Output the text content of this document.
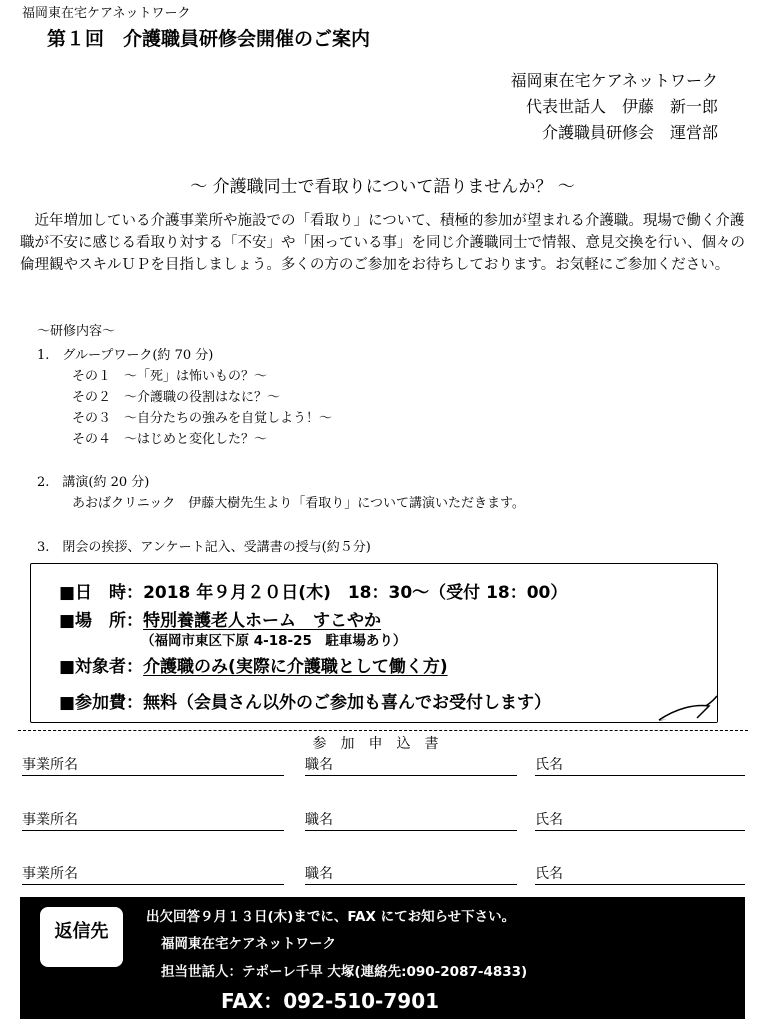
福岡東在宅ケアネットワーク
第１回　介護職員研修会開催のご案内
福岡東在宅ケアネットワーク
代表世話人　伊藤　新一郎
介護職員研修会　運営部
～ 介護職同士で看取りについて語りませんか？ ～

近年増加している介護事業所や施設での「看取り」について、積極的参加が望まれる介護職。現場で働く介護職が不安に感じる看取り対する「不安」や「困っている事」を同じ介護職同士で情報、意見交換を行い、個々の倫理観やスキルＵＰを目指しましょう。多くの方のご参加をお待ちしております。お気軽にご参加ください。

～研修内容～
1.　グループワーク(約 70 分)
その１　～「死」は怖いもの？～
その２　～介護職の役割はなに？～
その３　～自分たちの強みを自覚しよう！～
その４　～はじめと変化した？～
2.　講演(約 20 分)
あおばクリニック　伊藤大樹先生より「看取り」について講演いただきます。
3.　閉会の挨拶、アンケート記入、受講書の授与(約５分)
■日　時：2018 年９月２０日(木)　18：30～（受付 18：00）
■場　所：特別養護老人ホーム　すこやか
（福岡市東区下原 4-18-25　駐車場あり）
■対象者：介護職のみ(実際に介護職として働く方)
■参加費：無料（会員さん以外のご参加も喜んでお受付します）
参加申込書
事業所名	職名	氏名
事業所名	職名	氏名
事業所名	職名	氏名
返信先
出欠回答９月１３日(木)までに、FAX にてお知らせ下さい。
福岡東在宅ケアネットワーク
担当世話人：テポーレ千早 大塚(連絡先:090-2087-4833)
FAX：092-510-7901
